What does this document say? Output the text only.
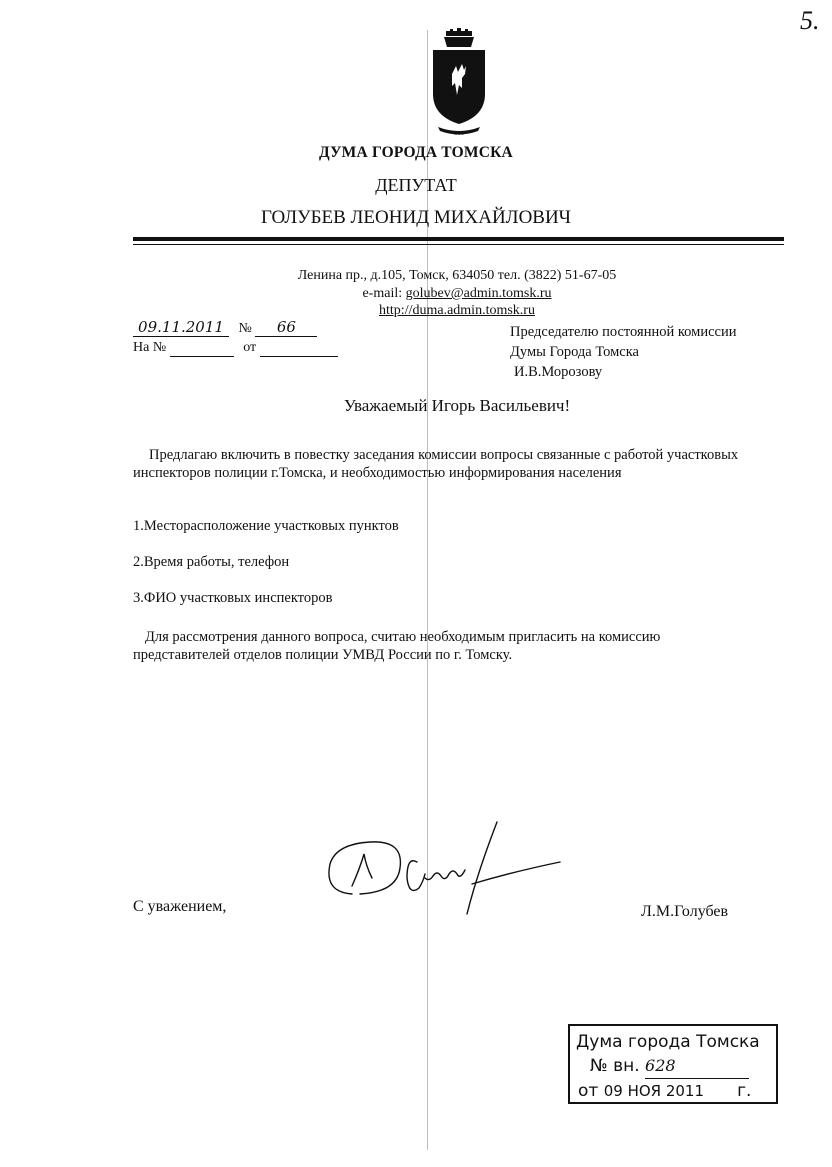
5.
~~~
ДУМА ГОРОДА ТОМСКА
ДЕПУТАТ
ГОЛУБЕВ ЛЕОНИД МИХАЙЛОВИЧ
Ленина пр., д.105, Томск, 634050 тел. (3822) 51-67-05
e-mail: golubev@admin.tomsk.ru
http://duma.admin.tomsk.ru
09.11.2011 № 66
На №	от
Председателю постоянной комиссии
Думы Города Томска
И.В.Морозову
Уважаемый Игорь Васильевич!
Предлагаю включить в повестку заседания комиссии вопросы связанные с работой участковых инспекторов полиции г.Томска, и необходимостью информирования населения
1.Месторасположение участковых пунктов
2.Время работы, телефон
3.ФИО участковых инспекторов
Для рассмотрения данного вопроса, считаю необходимым пригласить на комиссию представителей отделов полиции УМВД России по г. Томску.
С уважением,	Л.М.Голубев
Дума города Томска
№ вн. 628
от 09 НОЯ 2011 г.
